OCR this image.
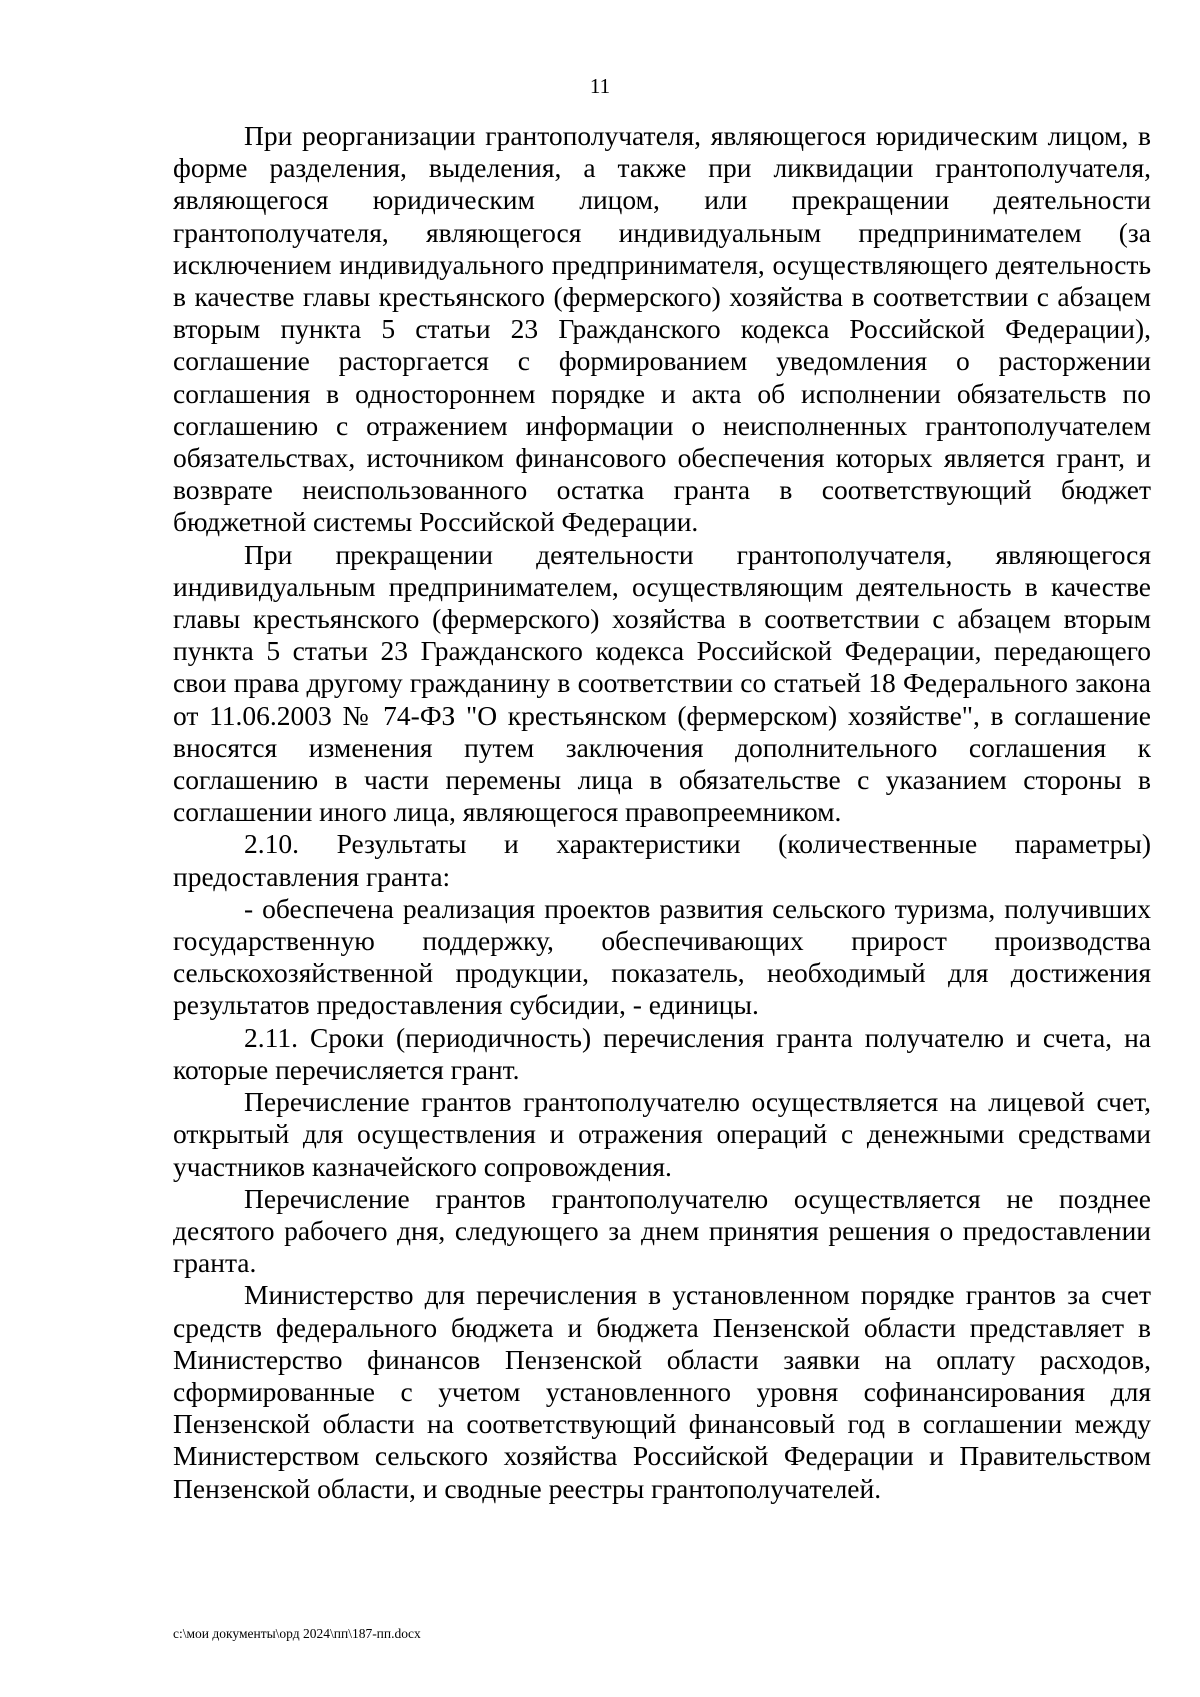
11

При реорганизации грантополучателя, являющегося юридическим лицом, в форме разделения, выделения, а также при ликвидации грантополучателя, являющегося юридическим лицом, или прекращении деятельности грантополучателя, являющегося индивидуальным предпринимателем (за исключением индивидуального предпринимателя, осуществляющего деятельность в качестве главы крестьянского (фермерского) хозяйства в соответствии с абзацем вторым пункта 5 статьи 23 Гражданского кодекса Российской Федерации), соглашение расторгается с формированием уведомления о расторжении соглашения в одностороннем порядке и акта об исполнении обязательств по соглашению с отражением информации о неисполненных грантополучателем обязательствах, источником финансового обеспечения которых является грант, и возврате неиспользованного остатка гранта в соответствующий бюджет бюджетной системы Российской Федерации.

При прекращении деятельности грантополучателя, являющегося индивидуальным предпринимателем, осуществляющим деятельность в качестве главы крестьянского (фермерского) хозяйства в соответствии с абзацем вторым пункта 5 статьи 23 Гражданского кодекса Российской Федерации, передающего свои права другому гражданину в соответствии со статьей 18 Федерального закона от 11.06.2003 № 74-ФЗ "О крестьянском (фермерском) хозяйстве", в соглашение вносятся изменения путем заключения дополнительного соглашения к соглашению в части перемены лица в обязательстве с указанием стороны в соглашении иного лица, являющегося правопреемником.

2.10. Результаты и характеристики (количественные параметры) предоставления гранта:

- обеспечена реализация проектов развития сельского туризма, получивших государственную поддержку, обеспечивающих прирост производства сельскохозяйственной продукции, показатель, необходимый для достижения результатов предоставления субсидии, - единицы.

2.11. Сроки (периодичность) перечисления гранта получателю и счета, на которые перечисляется грант.

Перечисление грантов грантополучателю осуществляется на лицевой счет, открытый для осуществления и отражения операций с денежными средствами участников казначейского сопровождения.

Перечисление грантов грантополучателю осуществляется не позднее десятого рабочего дня, следующего за днем принятия решения о предоставлении гранта.

Министерство для перечисления в установленном порядке грантов за счет средств федерального бюджета и бюджета Пензенской области представляет в Министерство финансов Пензенской области заявки на оплату расходов, сформированные с учетом установленного уровня софинансирования для Пензенской области на соответствующий финансовый год в соглашении между Министерством сельского хозяйства Российской Федерации и Правительством Пензенской области, и сводные реестры грантополучателей.

c:\мои документы\орд 2024\пп\187-пп.docx
